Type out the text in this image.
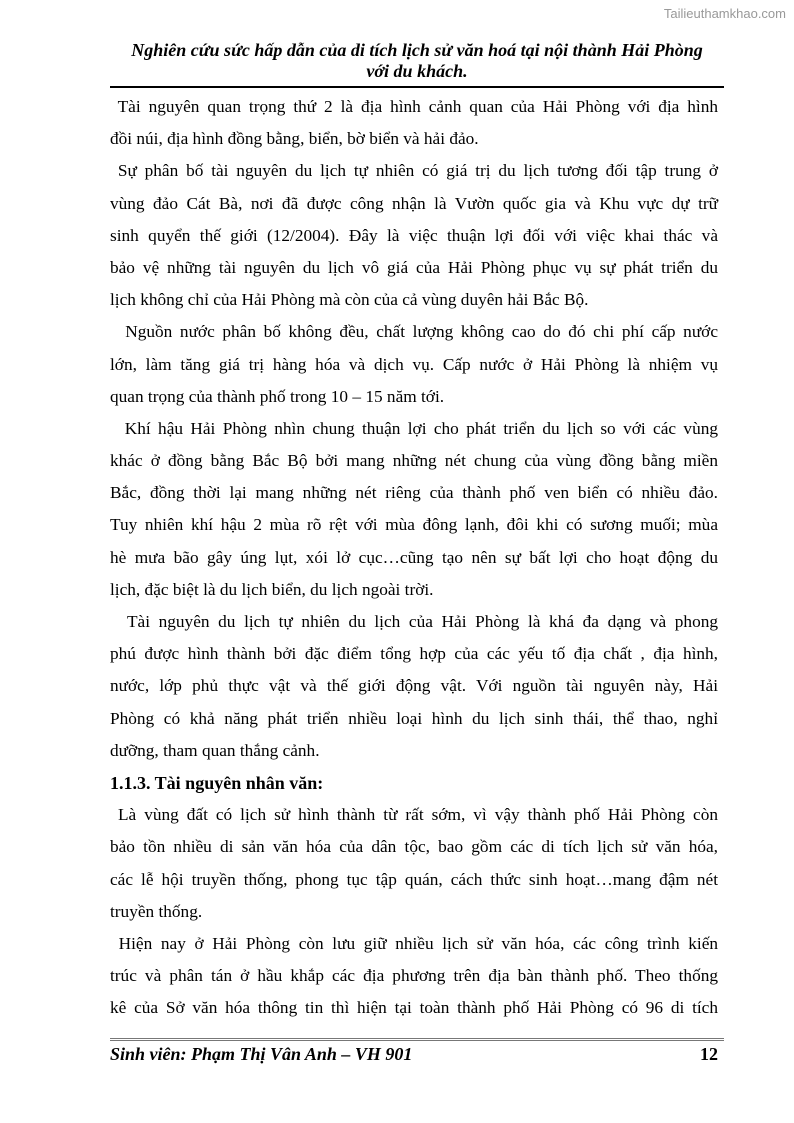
Tailieuthamkhao.com
Nghiên cứu sức hấp dẫn của di tích lịch sử văn hoá tại nội thành Hải Phòng
với du khách.
Tài nguyên quan trọng thứ 2 là địa hình cảnh quan của Hải Phòng với địa hình
đồi núi, địa hình đồng bằng, biển, bờ biển và hải đảo.
Sự phân bố tài nguyên du lịch tự nhiên có giá trị du lịch tương đối tập trung ở
vùng đảo Cát Bà, nơi đã được công nhận là Vườn quốc gia và Khu vực dự trữ
sinh quyển thế giới (12/2004). Đây là việc thuận lợi đối với việc khai thác và
bảo vệ những tài nguyên du lịch vô giá của Hải Phòng phục vụ sự phát triển du
lịch không chỉ của Hải Phòng mà còn của cả vùng duyên hải Bắc Bộ.
Nguồn nước phân bố không đều, chất lượng không cao do đó chi phí cấp nước
lớn, làm tăng giá trị hàng hóa và dịch vụ. Cấp nước ở Hải Phòng là nhiệm vụ
quan trọng của thành phố trong 10 – 15 năm tới.
Khí hậu Hải Phòng nhìn chung thuận lợi cho phát triển du lịch so với các vùng
khác ở đồng bằng Bắc Bộ bởi mang những nét chung của vùng đồng bằng miền
Bắc, đồng thời lại mang những nét riêng của thành phố ven biển có nhiều đảo.
Tuy nhiên khí hậu 2 mùa rõ rệt với mùa đông lạnh, đôi khi có sương muối; mùa
hè mưa bão gây úng lụt, xói lở cục…cũng tạo nên sự bất lợi cho hoạt động du
lịch, đặc biệt là du lịch biển, du lịch ngoài trời.
Tài nguyên du lịch tự nhiên du lịch của Hải Phòng là khá đa dạng và phong
phú được hình thành bởi đặc điểm tổng hợp của các yếu tố địa chất , địa hình,
nước, lớp phủ thực vật và thế giới động vật. Với nguồn tài nguyên này, Hải
Phòng có khả năng phát triển nhiều loại hình du lịch sinh thái, thể thao, nghỉ
dưỡng, tham quan thắng cảnh.
1.1.3. Tài nguyên nhân văn:
Là vùng đất có lịch sử hình thành từ rất sớm, vì vậy thành phố Hải Phòng còn
bảo tồn nhiều di sản văn hóa của dân tộc, bao gồm các di tích lịch sử văn hóa,
các lễ hội truyền thống, phong tục tập quán, cách thức sinh hoạt…mang đậm nét
truyền thống.
Hiện nay ở Hải Phòng còn lưu giữ nhiều lịch sử văn hóa, các công trình kiến
trúc và phân tán ở hầu khắp các địa phương trên địa bàn thành phố. Theo thống
kê của Sở văn hóa thông tin thì hiện tại toàn thành phố Hải Phòng có 96 di tích
Sinh viên: Phạm Thị Vân Anh – VH 901	12
